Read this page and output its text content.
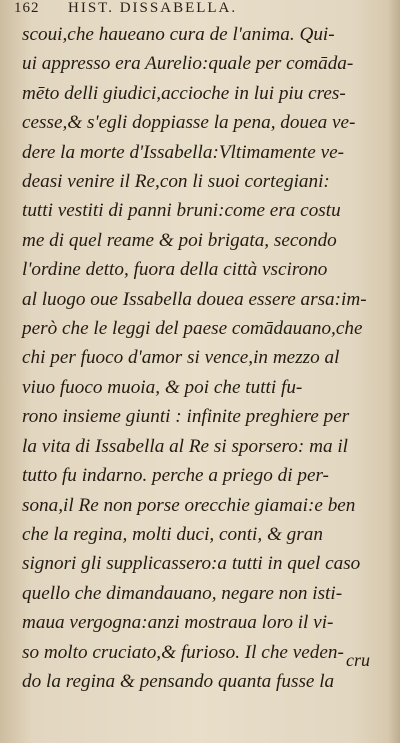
162 HIST. DISSABELLA.
scoui,che haueano cura de l'anima. Qui-
ui appresso era Aurelio:quale per comāda-
mēto delli giudici,accioche in lui piu cres-
cesse,& s'egli doppiasse la pena, douea ve-
dere la morte d'Issabella:Vltimamente ve-
deasi venire il Re,con li suoi cortegiani:
tutti vestiti di panni bruni:come era costu
me di quel reame & poi brigata, secondo
l'ordine detto, fuora della città vscirono
al luogo oue Issabella douea essere arsa:im-
però che le leggi del paese comādauano,che
chi per fuoco d'amor si vence,in mezzo al
viuo fuoco muoia, & poi che tutti fu-
rono insieme giunti : infinite preghiere per
la vita di Issabella al Re si sporsero: ma il
tutto fu indarno. perche a priego di per-
sona,il Re non porse orecchie giamai:e ben
che la regina, molti duci, conti, & gran
signori gli supplicassero:a tutti in quel caso
quello che dimandauano, negare non isti-
maua vergogna:anzi mostraua loro il vi-
so molto cruciato,& furioso. Il che veden-
do la regina & pensando quanta fusse la
cru
